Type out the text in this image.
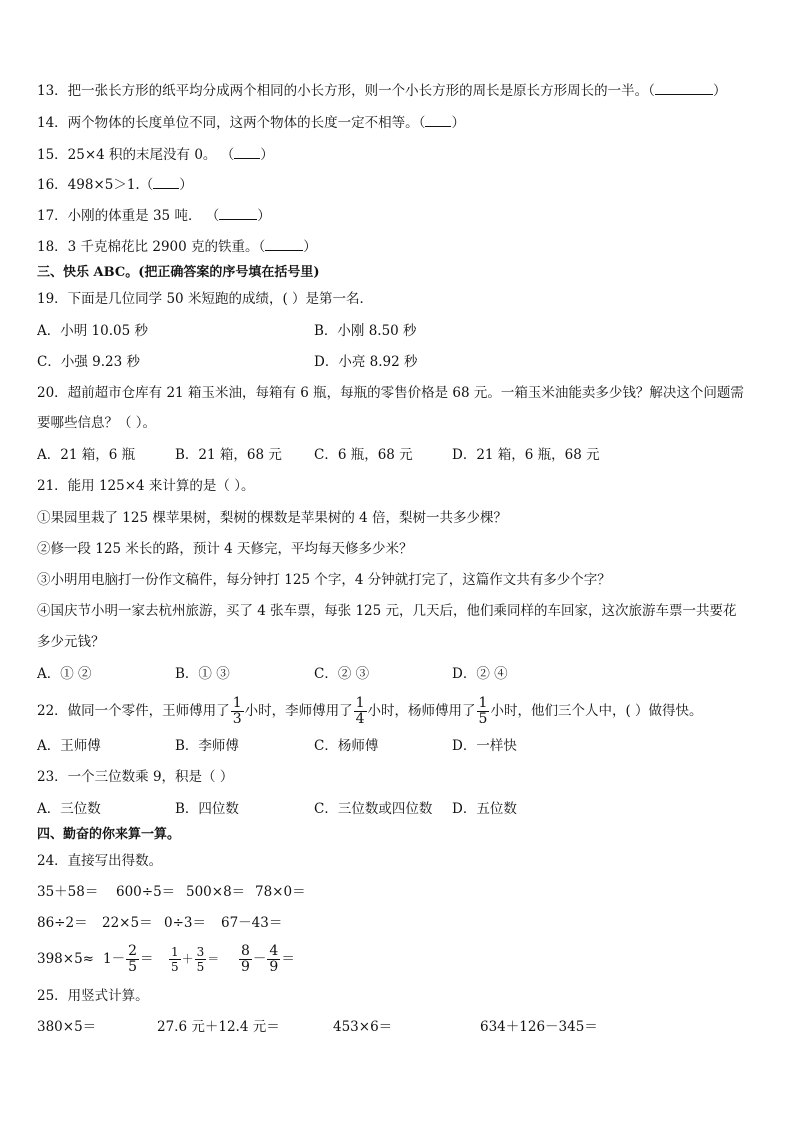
13．把一张长方形的纸平均分成两个相同的小长方形，则一个小长方形的周长是原长方形周长的一半。（	）
14．两个物体的长度单位不同，这两个物体的长度一定不相等。（ ）
15．25×4 积的末尾没有 0。 （ ）
16．498×5＞1.（ ）
17．小刚的体重是 35 吨． （	）
18．3 千克棉花比 2900 克的铁重。（	）
三、快乐 ABC。(把正确答案的序号填在括号里)
19．下面是几位同学 50 米短跑的成绩，( ）是第一名．
A．小明 10.05 秒	B．小刚 8.50 秒
C．小强 9.23 秒	D．小亮 8.92 秒
20．超前超市仓库有 21 箱玉米油，每箱有 6 瓶，每瓶的零售价格是 68 元。一箱玉米油能卖多少钱？解决这个问题需
要哪些信息？（ ）。
A．21 箱，6 瓶	B．21 箱，68 元 C．6 瓶，68 元	D．21 箱，6 瓶，68 元
21．能用 125×4 来计算的是（ ）。
①果园里栽了 125 棵苹果树，梨树的棵数是苹果树的 4 倍，梨树一共多少棵？
②修一段 125 米长的路，预计 4 天修完，平均每天修多少米？
③小明用电脑打一份作文稿件，每分钟打 125 个字，4 分钟就打完了，这篇作文共有多少个字？
④国庆节小明一家去杭州旅游，买了 4 张车票，每张 125 元，几天后，他们乘同样的车回家，这次旅游车票一共要花
多少元钱？
A．① ②	B．① ③	C．② ③	D．② ④
22．做同一个零件，王师傅用了 $\frac{1}{3}$ 小时，李师傅用了 $\frac{1}{4}$ 小时，杨师傅用了 $\frac{1}{5}$ 小时，他们三个人中，( ）做得快。
A．王师傅	B．李师傅	C．杨师傅	D．一样快
23．一个三位数乘 9，积是（ ）
A．三位数	B．四位数	C．三位数或四位数 D．五位数
四、勤奋的你来算一算。
24．直接写出得数。
35＋58＝ 600÷5＝ 500×8＝ 78×0＝
86÷2＝ 22×5＝ 0÷3＝ 67－43＝
$398\times 5\approx 1- \frac{2}{5} = \frac{1}{5} + \frac{3}{5} = \frac{8}{9} - \frac{4}{9}$ ＝
25．用竖式计算。
380×5＝	27.6 元＋12.4 元＝	453×6＝	634＋126－345＝
